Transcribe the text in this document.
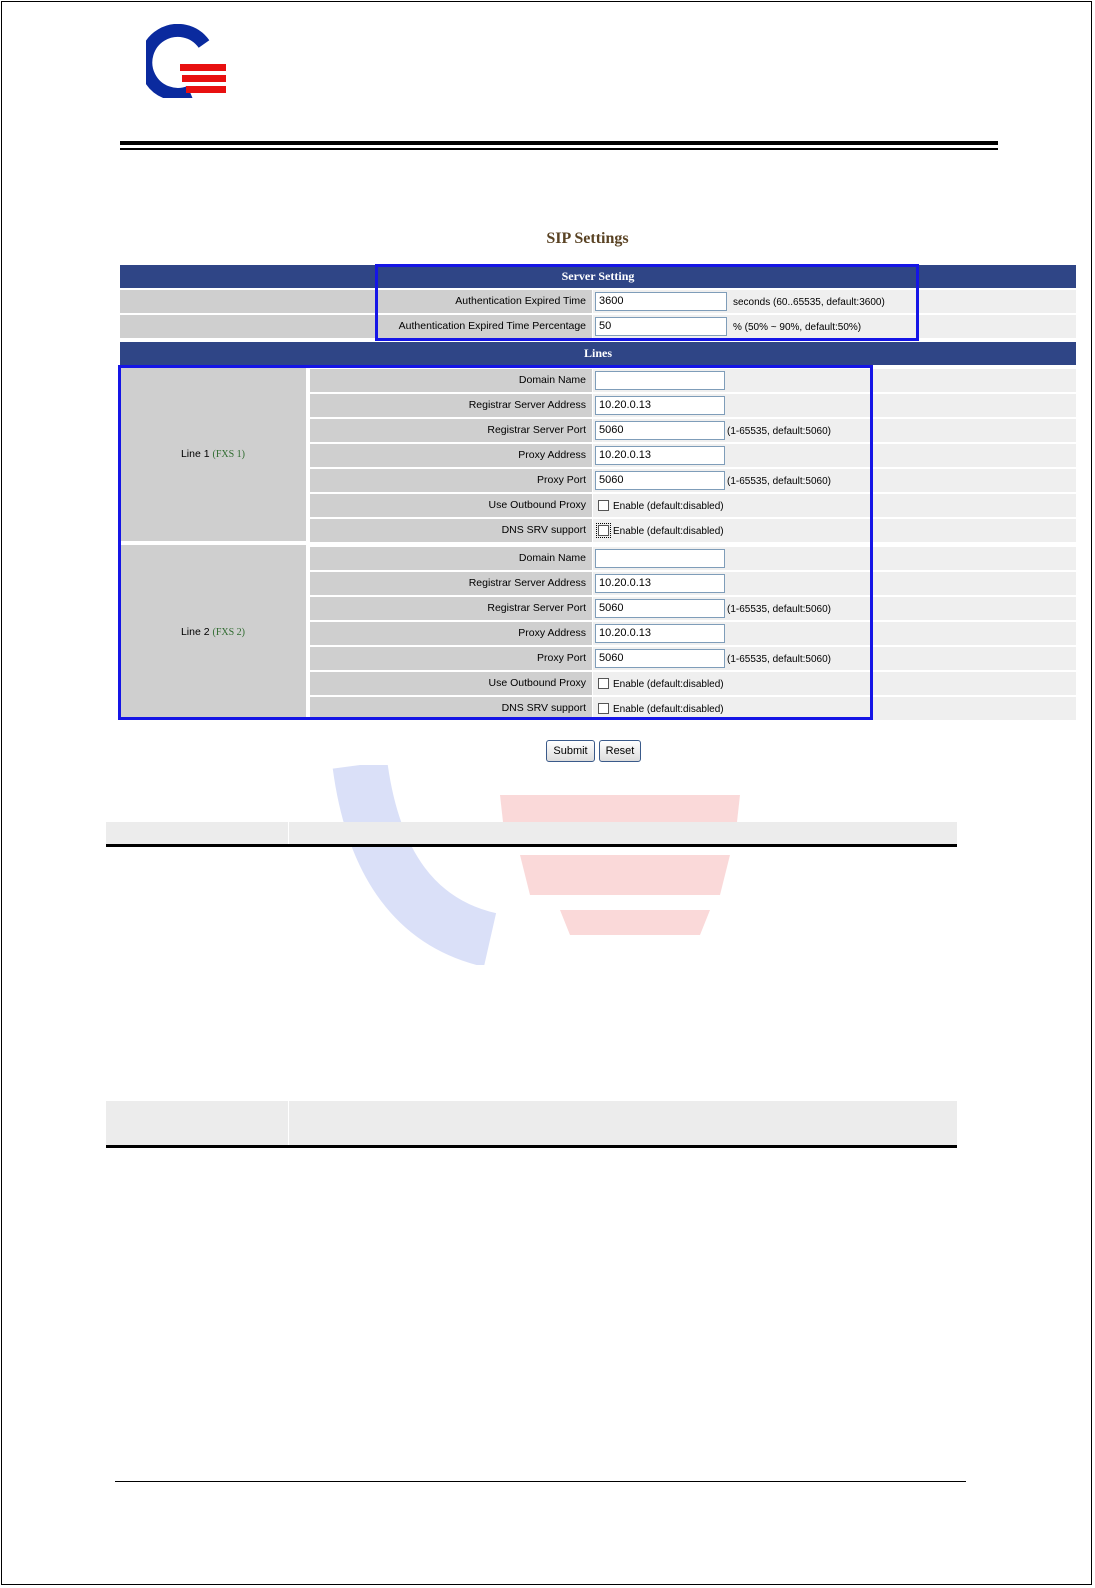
SIP Settings
Server Setting
Authentication Expired Time	3600	seconds (60..65535, default:3600)
Authentication Expired Time Percentage	50	% (50% ~ 90%, default:50%)
Lines
Line 1
(FXS 1)
Domain Name
Registrar Server Address	10.20.0.13
Registrar Server Port	5060	(1-65535, default:5060)
Proxy Address	10.20.0.13
Proxy Port	5060	(1-65535, default:5060)
Use Outbound Proxy	Enable (default:disabled)
DNS SRV support	Enable (default:disabled)
Line 2
(FXS 2)
Domain Name
Registrar Server Address	10.20.0.13
Registrar Server Port	5060	(1-65535, default:5060)
Proxy Address	10.20.0.13
Proxy Port	5060	(1-65535, default:5060)
Use Outbound Proxy	Enable (default:disabled)
DNS SRV support	Enable (default:disabled)
Submit	Reset
